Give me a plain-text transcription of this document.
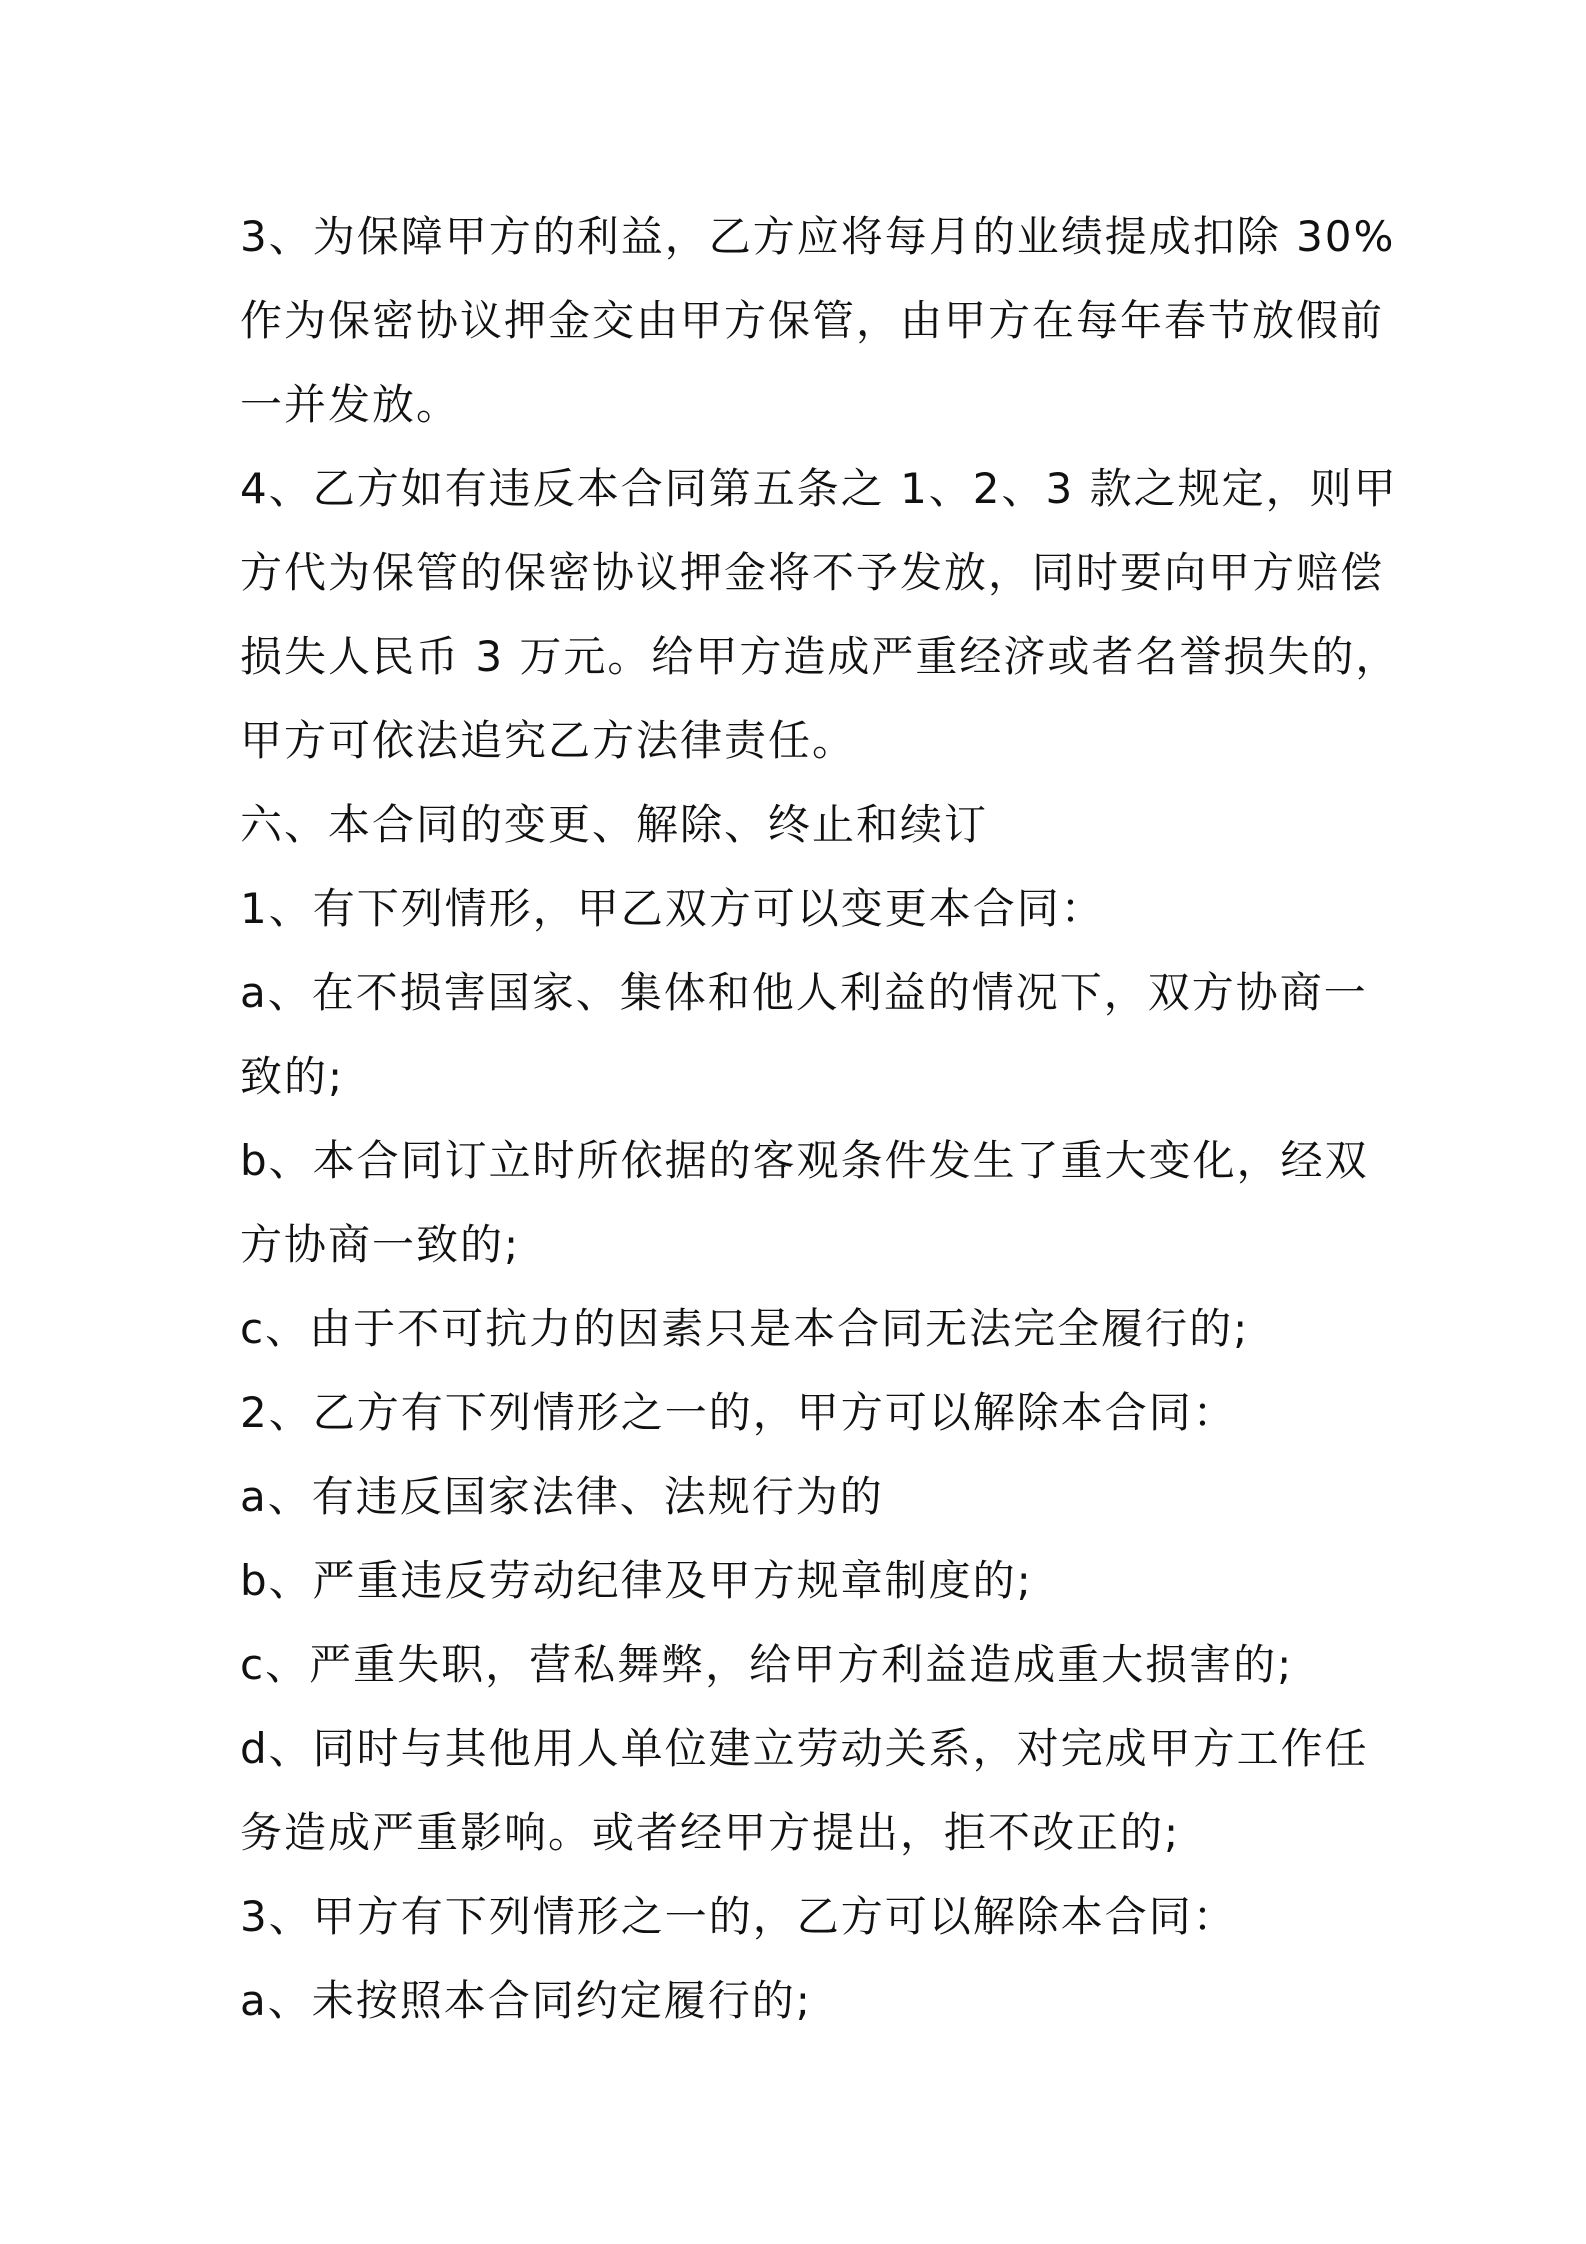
3、为保障甲方的利益，乙方应将每月的业绩提成扣除 30%
作为保密协议押金交由甲方保管，由甲方在每年春节放假前
一并发放。
4、乙方如有违反本合同第五条之 1、2、3 款之规定，则甲
方代为保管的保密协议押金将不予发放，同时要向甲方赔偿
损失人民币 3 万元。给甲方造成严重经济或者名誉损失的，
甲方可依法追究乙方法律责任。
六、本合同的变更、解除、终止和续订
1、有下列情形，甲乙双方可以变更本合同：
a、在不损害国家、集体和他人利益的情况下，双方协商一
致的;
b、本合同订立时所依据的客观条件发生了重大变化，经双
方协商一致的;
c、由于不可抗力的因素只是本合同无法完全履行的;
2、乙方有下列情形之一的，甲方可以解除本合同：
a、有违反国家法律、法规行为的
b、严重违反劳动纪律及甲方规章制度的;
c、严重失职，营私舞弊，给甲方利益造成重大损害的;
d、同时与其他用人单位建立劳动关系，对完成甲方工作任
务造成严重影响。或者经甲方提出，拒不改正的;
3、甲方有下列情形之一的，乙方可以解除本合同：
a、未按照本合同约定履行的;
